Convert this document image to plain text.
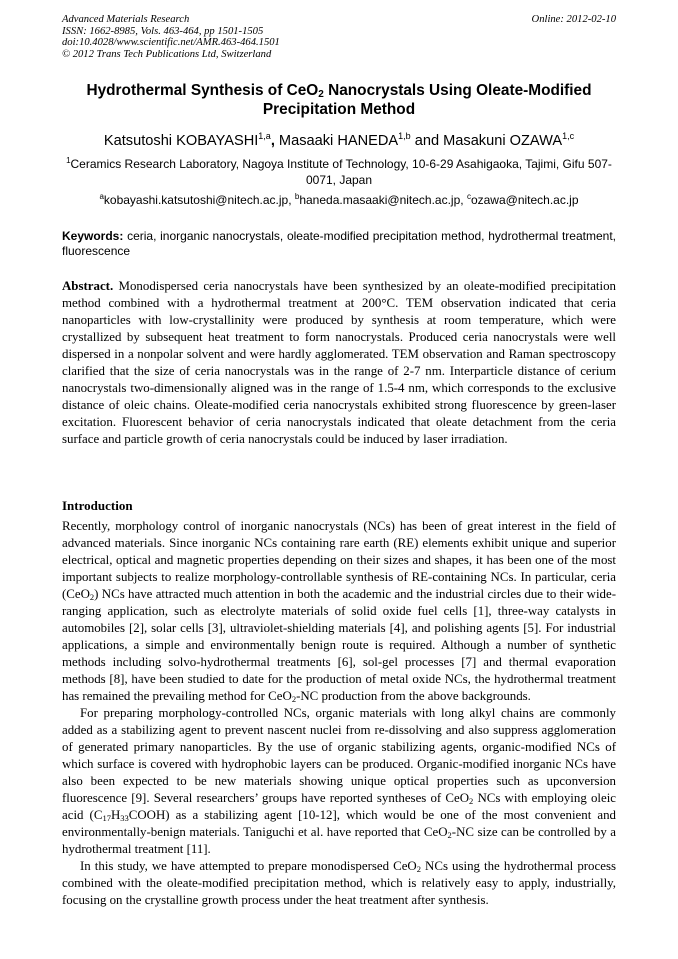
Advanced Materials Research
ISSN: 1662-8985, Vols. 463-464, pp 1501-1505
doi:10.4028/www.scientific.net/AMR.463-464.1501
© 2012 Trans Tech Publications Ltd, Switzerland
Online: 2012-02-10
Hydrothermal Synthesis of CeO$_2$ Nanocrystals Using Oleate-Modified Precipitation Method
Katsutoshi KOBAYASHI$^{1,a}$, Masaaki HANEDA$^{1,b}$ and Masakuni OZAWA$^{1,c}$
$^1$Ceramics Research Laboratory, Nagoya Institute of Technology, 10-6-29 Asahigaoka, Tajimi, Gifu 507-0071, Japan
$^a$kobayashi.katsutoshi@nitech.ac.jp, $^b$haneda.masaaki@nitech.ac.jp, $^c$ozawa@nitech.ac.jp
Keywords: ceria, inorganic nanocrystals, oleate-modified precipitation method, hydrothermal treatment, fluorescence
Abstract. Monodispersed ceria nanocrystals have been synthesized by an oleate-modified precipitation method combined with a hydrothermal treatment at 200°C. TEM observation indicated that ceria nanoparticles with low-crystallinity were produced by synthesis at room temperature, which were crystallized by subsequent heat treatment to form nanocrystals. Produced ceria nanocrystals were well dispersed in a nonpolar solvent and were hardly agglomerated. TEM observation and Raman spectroscopy clarified that the size of ceria nanocrystals was in the range of 2-7 nm. Interparticle distance of cerium nanocrystals two-dimensionally aligned was in the range of 1.5-4 nm, which corresponds to the exclusive distance of oleic chains. Oleate-modified ceria nanocrystals exhibited strong fluorescence by green-laser excitation. Fluorescent behavior of ceria nanocrystals indicated that oleate detachment from the ceria surface and particle growth of ceria nanocrystals could be induced by laser irradiation.
Introduction

Recently, morphology control of inorganic nanocrystals (NCs) has been of great interest in the field of advanced materials. Since inorganic NCs containing rare earth (RE) elements exhibit unique and superior electrical, optical and magnetic properties depending on their sizes and shapes, it has been one of the most important subjects to realize morphology-controllable synthesis of RE-containing NCs. In particular, ceria (CeO$_2$) NCs have attracted much attention in both the academic and the industrial circles due to their wide-ranging application, such as electrolyte materials of solid oxide fuel cells [1], three-way catalysts in automobiles [2], solar cells [3], ultraviolet-shielding materials [4], and polishing agents [5]. For industrial applications, a simple and environmentally benign route is required. Although a number of synthetic methods including solvo-hydrothermal treatments [6], sol-gel processes [7] and thermal evaporation methods [8], have been studied to date for the production of metal oxide NCs, the hydrothermal treatment has remained the prevailing method for CeO$_2$-NC production from the above backgrounds.

For preparing morphology-controlled NCs, organic materials with long alkyl chains are commonly added as a stabilizing agent to prevent nascent nuclei from re-dissolving and also suppress agglomeration of generated primary nanoparticles. By the use of organic stabilizing agents, organic-modified NCs of which surface is covered with hydrophobic layers can be produced. Organic-modified inorganic NCs have also been expected to be new materials showing unique optical properties such as upconversion fluorescence [9]. Several researchers’ groups have reported syntheses of CeO$_2$ NCs with employing oleic acid $(C_{17}H_{33}COOH)$ as a stabilizing agent [10-12], which would be one of the most convenient and environmentally-benign materials. Taniguchi et al. have reported that CeO$_2$-NC size can be controlled by a hydrothermal treatment [11].

In this study, we have attempted to prepare monodispersed CeO$_2$ NCs using the hydrothermal process combined with the oleate-modified precipitation method, which is relatively easy to apply, industrially, focusing on the crystalline growth process under the heat treatment after synthesis.
